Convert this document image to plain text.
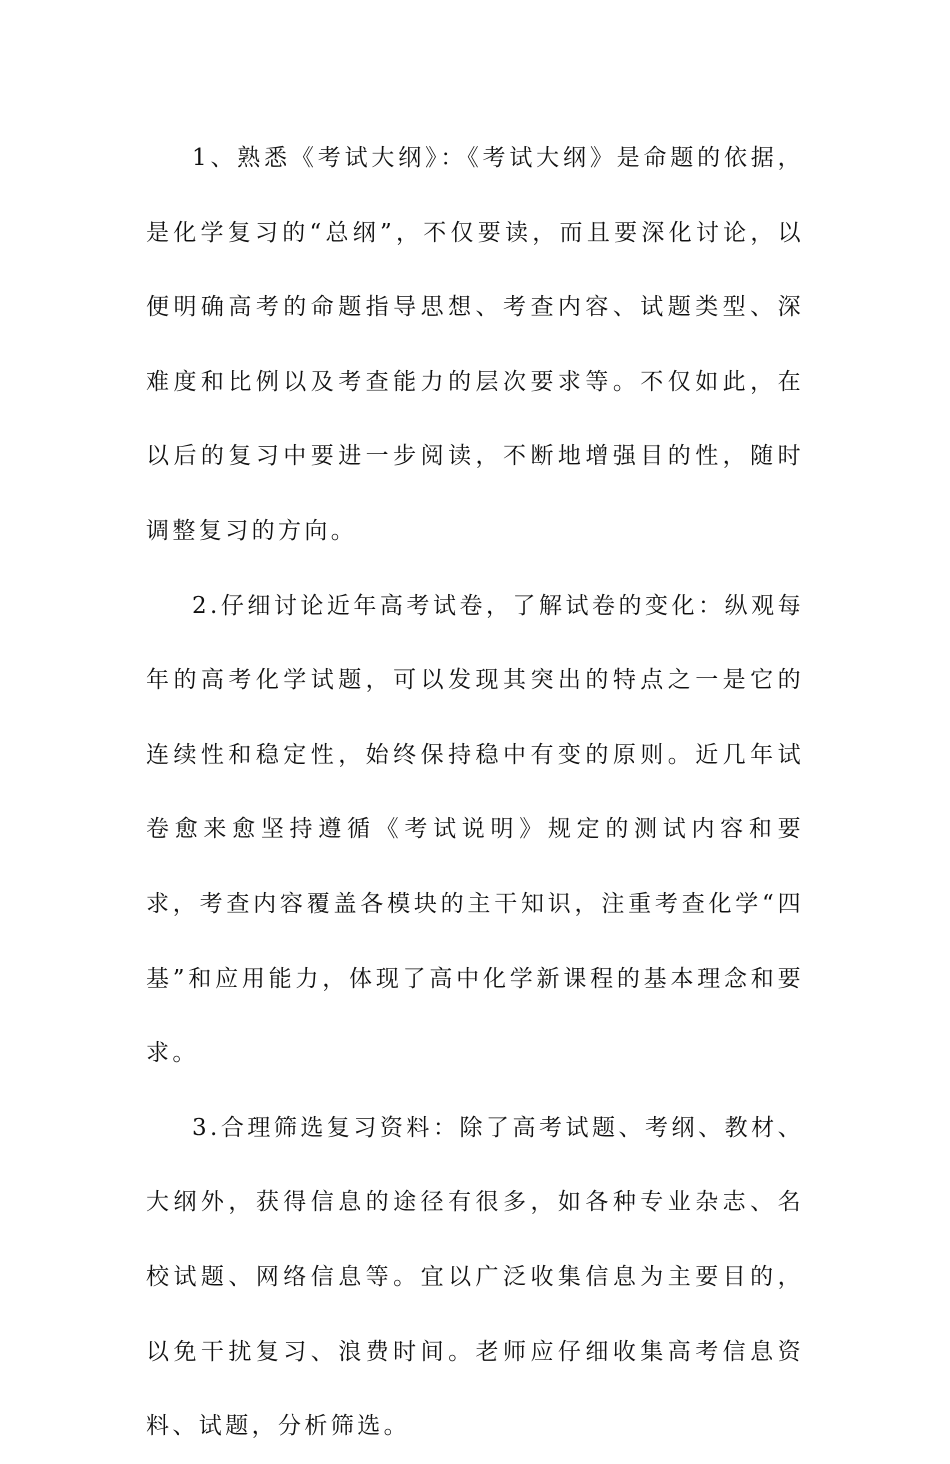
1、熟悉《考试大纲》：《考试大纲》是命题的依据，是化学复习的“总纲”，不仅要读，而且要深化讨论，以便明确高考的命题指导思想、考查内容、试题类型、深难度和比例以及考查能力的层次要求等。不仅如此，在以后的复习中要进一步阅读，不断地增强目的性，随时调整复习的方向。

2.仔细讨论近年高考试卷，了解试卷的变化：纵观每年的高考化学试题，可以发现其突出的特点之一是它的连续性和稳定性，始终保持稳中有变的原则。近几年试卷愈来愈坚持遵循《考试说明》规定的测试内容和要求，考查内容覆盖各模块的主干知识，注重考查化学“四基”和应用能力，体现了高中化学新课程的基本理念和要求。

3.合理筛选复习资料：除了高考试题、考纲、教材、大纲外，获得信息的途径有很多，如各种专业杂志、名校试题、网络信息等。宜以广泛收集信息为主要目的，以免干扰复习、浪费时间。老师应仔细收集高考信息资料、试题，分析筛选。
